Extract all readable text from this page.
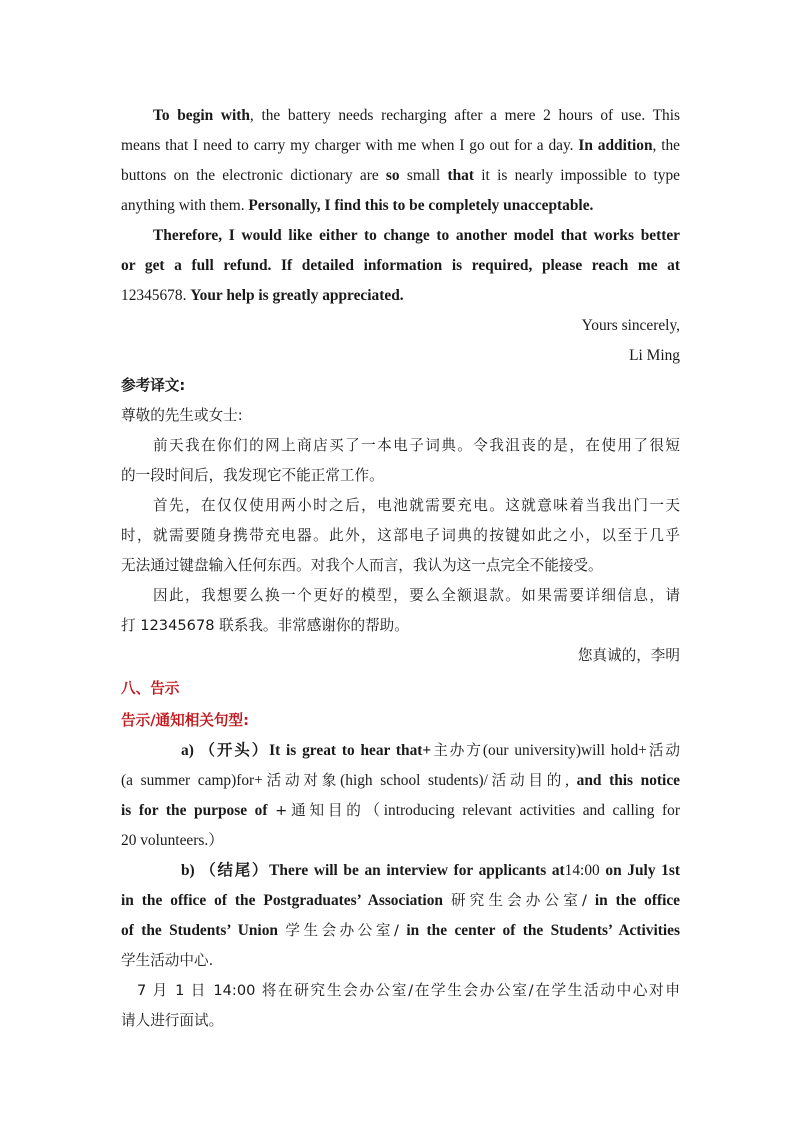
To begin with, the battery needs recharging after a mere 2 hours of use. This
means that I need to carry my charger with me when I go out for a day. In addition, the
buttons on the electronic dictionary are so small that it is nearly impossible to type
anything with them. Personally, I find this to be completely unacceptable.
Therefore, I would like either to change to another model that works better
or get a full refund. If detailed information is required, please reach me at
12345678. Your help is greatly appreciated.
Yours sincerely,
Li Ming
参考译文:
尊敬的先生或女士:
前天我在你们的网上商店买了一本电子词典。令我沮丧的是，在使用了很短
的一段时间后，我发现它不能正常工作。
首先，在仅仅使用两小时之后，电池就需要充电。这就意味着当我出门一天
时，就需要随身携带充电器。此外，这部电子词典的按键如此之小，以至于几乎
无法通过键盘输入任何东西。对我个人而言，我认为这一点完全不能接受。
因此，我想要么换一个更好的模型，要么全额退款。如果需要详细信息，请
打 12345678 联系我。非常感谢你的帮助。
您真诚的，李明
八、告示
告示/通知相关句型:
a) （开头）It is great to hear that+主办方(our university)will hold+活动
(a summer camp)for+活动对象(high school students)/活动目的, and this notice
is for the purpose of +通知目的（introducing relevant activities and calling for
20 volunteers.）
b) （结尾）There will be an interview for applicants at14:00 on July 1st
in the office of the Postgraduates’ Association 研究生会办公室/ in the office
of the Students’ Union 学生会办公室/ in the center of the Students’ Activities
学生活动中心.
7 月 1 日 14:00 将在研究生会办公室/在学生会办公室/在学生活动中心对申
请人进行面试。
